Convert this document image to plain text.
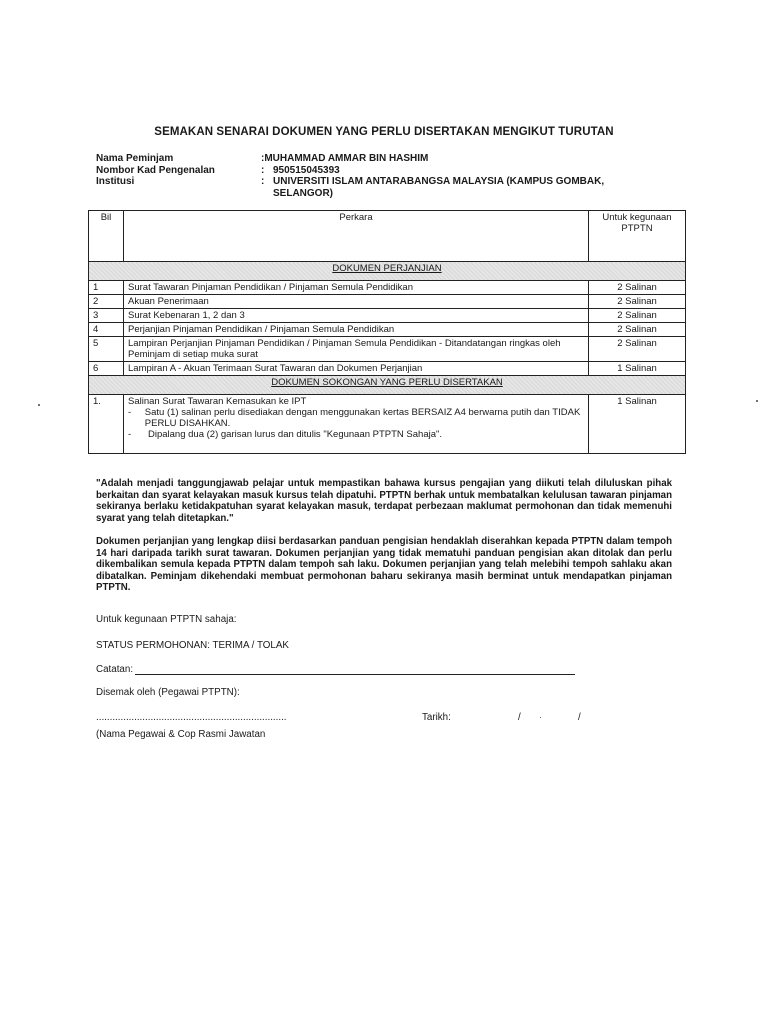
SEMAKAN SENARAI DOKUMEN YANG PERLU DISERTAKAN MENGIKUT TURUTAN
Nama Peminjam	:MUHAMMAD AMMAR BIN HASHIM
Nombor Kad Pengenalan	: 950515045393
Institusi	: UNIVERSITI ISLAM ANTARABANGSA MALAYSIA (KAMPUS GOMBAK,
SELANGOR)
Bil	Perkara	Untuk kegunaan PTPTN
DOKUMEN PERJANJIAN		
1	Surat Tawaran Pinjaman Pendidikan / Pinjaman Semula Pendidikan	2 Salinan
2	Akuan Penerimaan	2 Salinan
3	Surat Kebenaran 1, 2 dan 3	2 Salinan
4	Perjanjian Pinjaman Pendidikan / Pinjaman Semula Pendidikan	2 Salinan
5	Lampiran Perjanjian Pinjaman Pendidikan / Pinjaman Semula Pendidikan - Ditandatangan ringkas oleh Peminjam di setiap muka surat	2 Salinan
6	Lampiran A - Akuan Terimaan Surat Tawaran dan Dokumen Perjanjian	1 Salinan
DOKUMEN SOKONGAN YANG PERLU DISERTAKAN		
1.	Salinan Surat Tawaran Kemasukan ke IPT
- Satu (1) salinan perlu disediakan dengan menggunakan kertas BERSAIZ A4 berwarna putih dan TIDAK PERLU DISAHKAN.
- Dipalang dua (2) garisan lurus dan ditulis "Kegunaan PTPTN Sahaja".	1 Salinan
"Adalah menjadi tanggungjawab pelajar untuk mempastikan bahawa kursus pengajian yang diikuti telah diluluskan pihak berkaitan dan syarat kelayakan masuk kursus telah dipatuhi. PTPTN berhak untuk membatalkan kelulusan tawaran pinjaman sekiranya berlaku ketidakpatuhan syarat kelayakan masuk, terdapat perbezaan maklumat permohonan dan tidak memenuhi syarat yang telah ditetapkan."
Dokumen perjanjian yang lengkap diisi berdasarkan panduan pengisian hendaklah diserahkan kepada PTPTN dalam tempoh 14 hari daripada tarikh surat tawaran. Dokumen perjanjian yang tidak mematuhi panduan pengisian akan ditolak dan perlu dikembalikan semula kepada PTPTN dalam tempoh sah laku. Dokumen perjanjian yang telah melebihi tempoh sahlaku akan dibatalkan. Peminjam dikehendaki membuat permohonan baharu sekiranya masih berminat untuk mendapatkan pinjaman PTPTN.
Untuk kegunaan PTPTN sahaja:
STATUS PERMOHONAN: TERIMA / TOLAK
Catatan:
Disemak oleh (Pegawai PTPTN):
......................................................................	Tarikh:	/	/
(Nama Pegawai & Cop Rasmi Jawatan
